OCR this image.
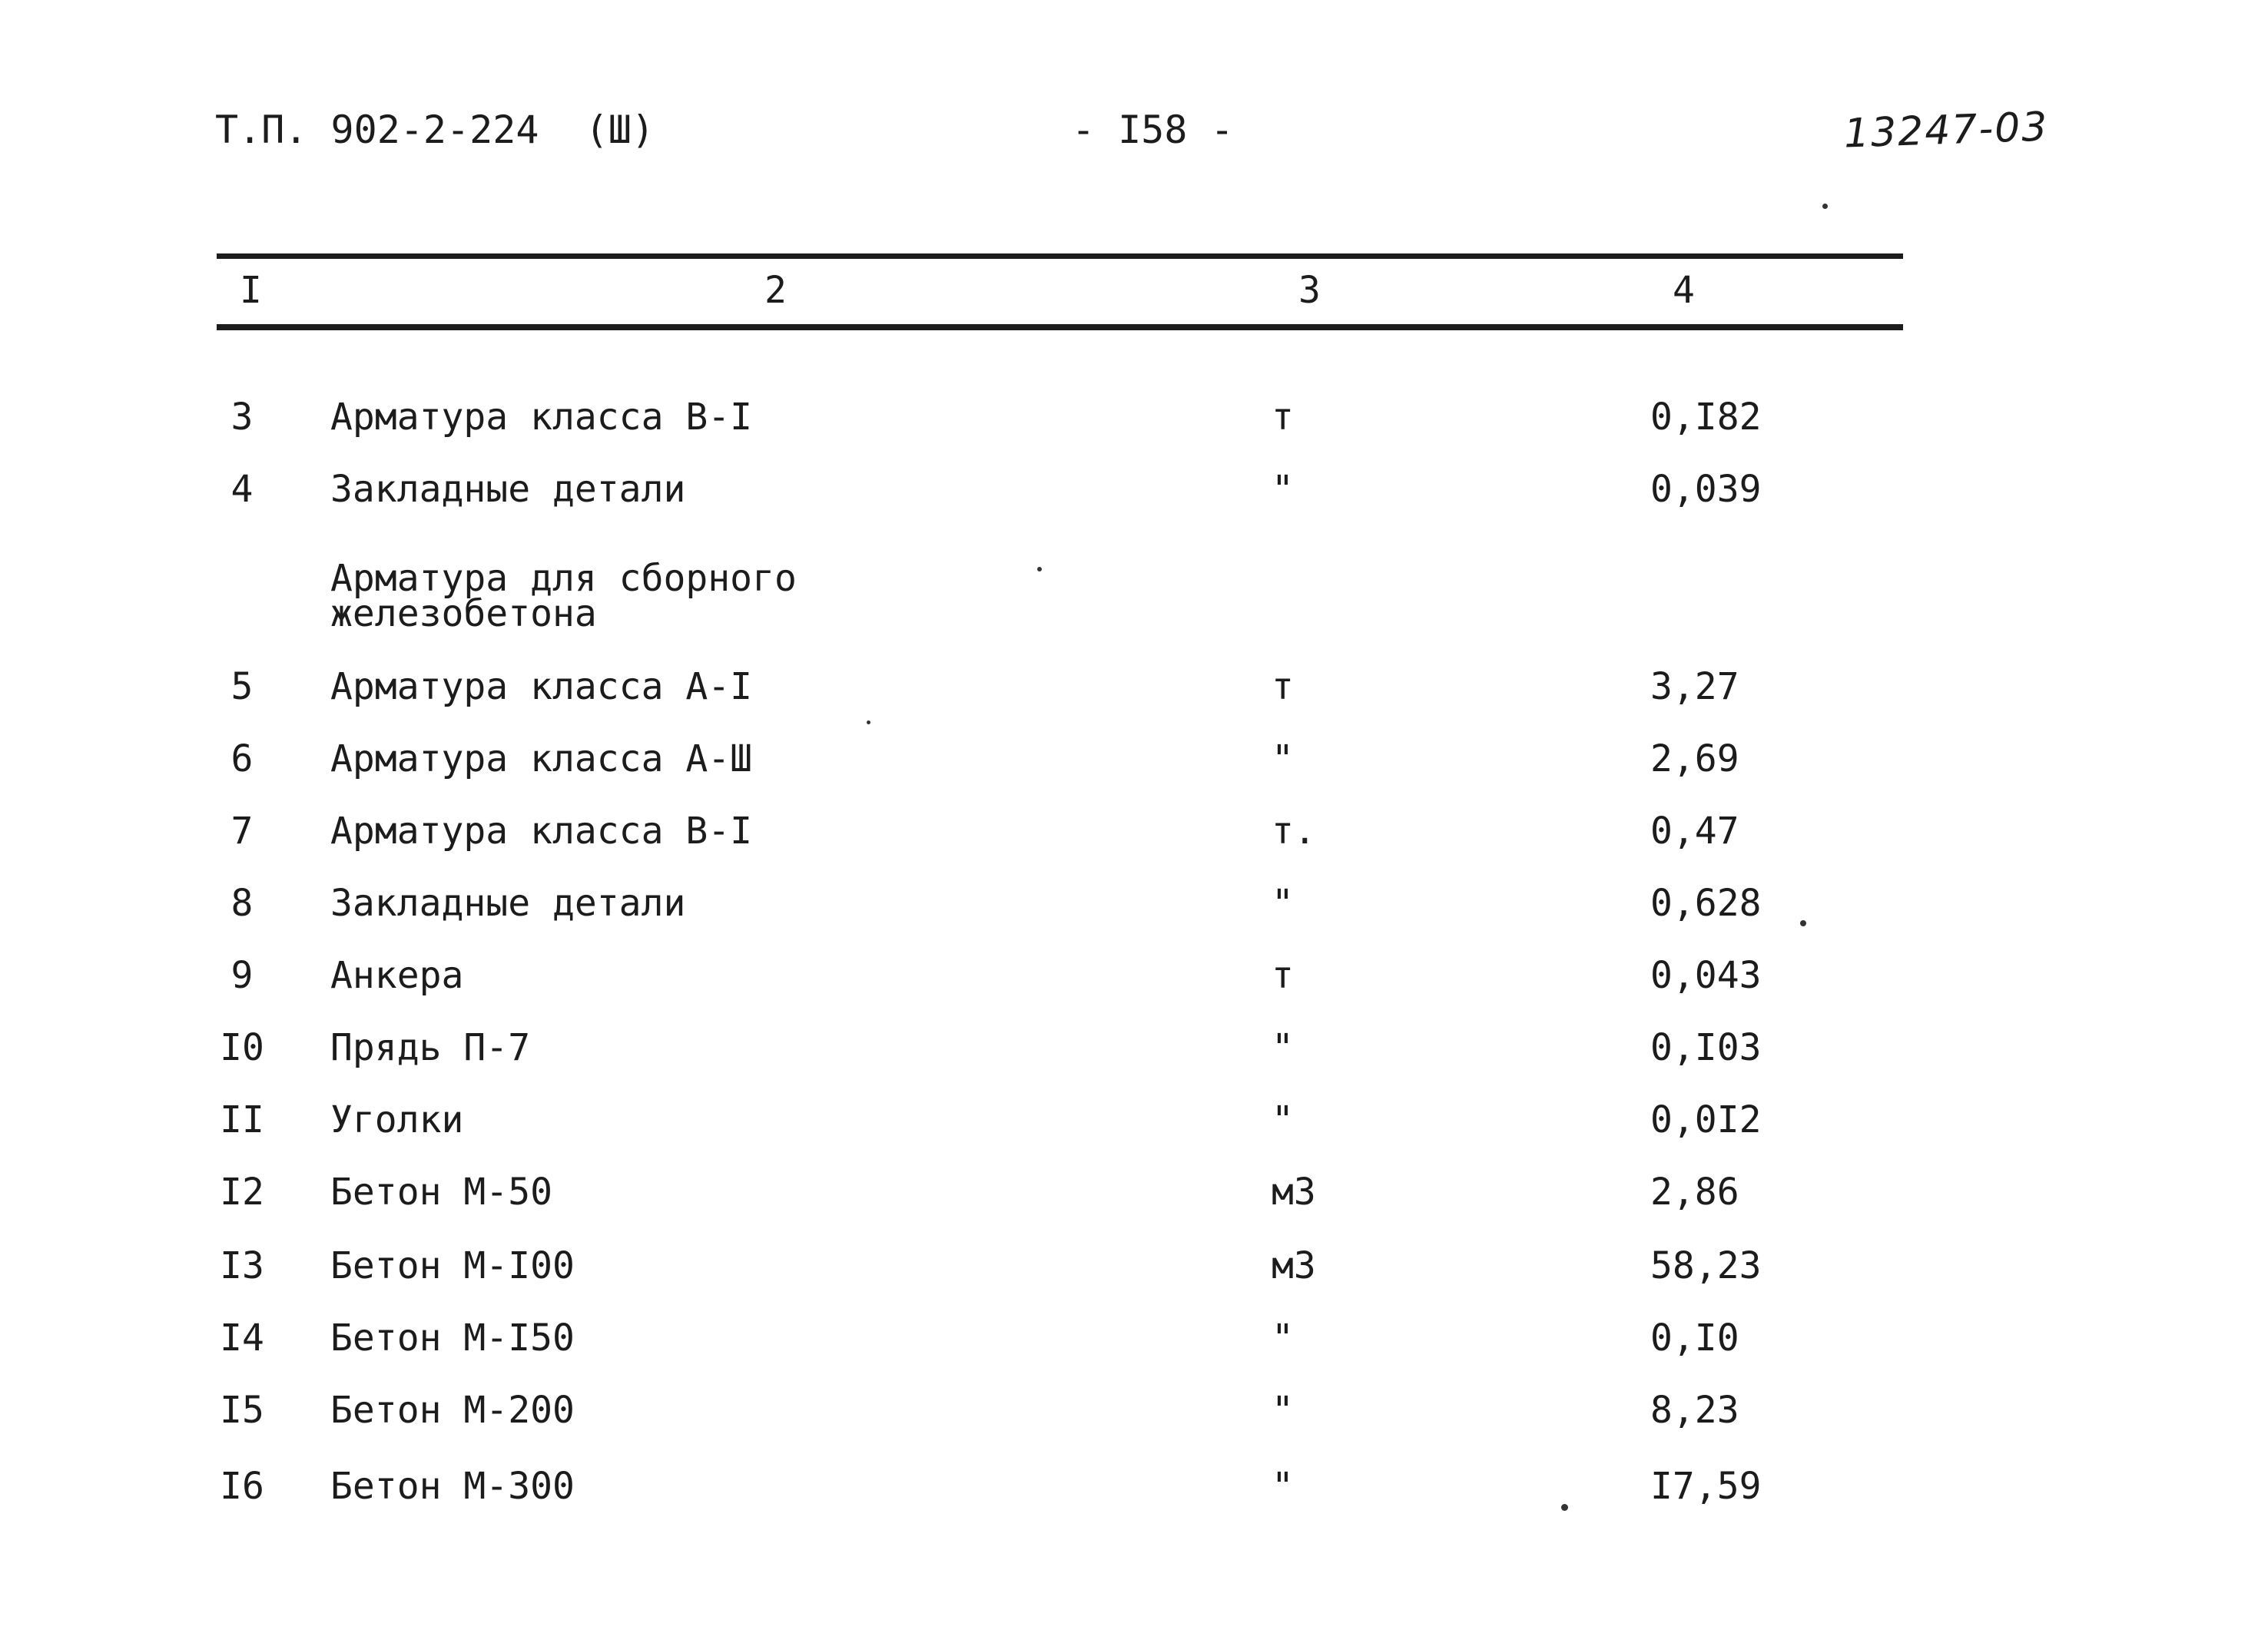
Т.П. 902-2-224  (Ш)	- I58 -	13247-03
I	2	3	4
3	Арматура класса В-I	т	0,I82
4	Закладные детали	"	0,039
Арматура для сборного
железобетона
5	Арматура класса А-I	т	3,27
6	Арматура класса А-Ш	"	2,69
7	Арматура класса В-I	т.	0,47
8	Закладные детали	"	0,628
9	Анкера	т	0,043
I0 Прядь П-7	"	0,I03
II Уголки	"	0,0I2
I2 Бетон М-50	м3	2,86
I3 Бетон М-I00	м3	58,23
I4 Бетон М-I50	"	0,I0
I5 Бетон М-200	"	8,23
I6 Бетон М-300	"	I7,59
